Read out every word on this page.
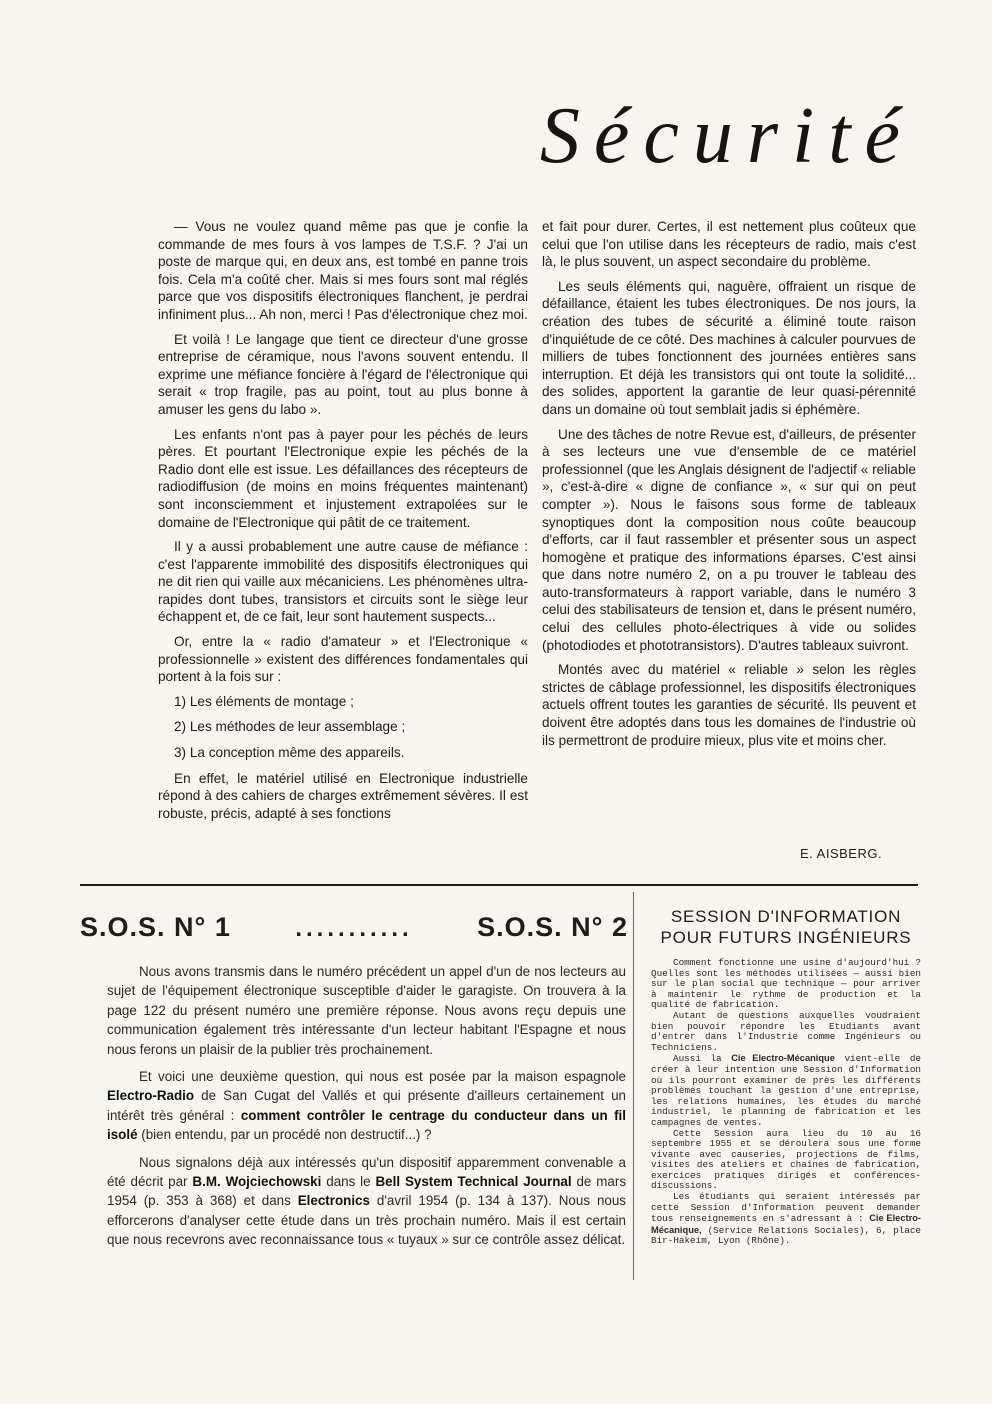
Sécurité

— Vous ne voulez quand même pas que je confie la commande de mes fours à vos lampes de T.S.F. ? J'ai un poste de marque qui, en deux ans, est tombé en panne trois fois. Cela m'a coûté cher. Mais si mes fours sont mal réglés parce que vos dispositifs électroniques flanchent, je perdrai infiniment plus... Ah non, merci ! Pas d'électronique chez moi.

Et voilà ! Le langage que tient ce directeur d'une grosse entreprise de céramique, nous l'avons souvent entendu. Il exprime une méfiance foncière à l'égard de l'électronique qui serait « trop fragile, pas au point, tout au plus bonne à amuser les gens du labo ».

Les enfants n'ont pas à payer pour les péchés de leurs pères. Et pourtant l'Electronique expie les péchés de la Radio dont elle est issue. Les défaillances des récepteurs de radiodiffusion (de moins en moins fréquentes maintenant) sont inconsciemment et injustement extrapolées sur le domaine de l'Electronique qui pâtit de ce traitement.

Il y a aussi probablement une autre cause de méfiance : c'est l'apparente immobilité des dispositifs électroniques qui ne dit rien qui vaille aux mécaniciens. Les phénomènes ultra-rapides dont tubes, transistors et circuits sont le siège leur échappent et, de ce fait, leur sont hautement suspects...

Or, entre la « radio d'amateur » et l'Electronique « professionnelle » existent des différences fondamentales qui portent à la fois sur :

1) Les éléments de montage ;
2) Les méthodes de leur assemblage ;
3) La conception même des appareils.

En effet, le matériel utilisé en Electronique industrielle répond à des cahiers de charges extrêmement sévères. Il est robuste, précis, adapté à ses fonctions

et fait pour durer. Certes, il est nettement plus coûteux que celui que l'on utilise dans les récepteurs de radio, mais c'est là, le plus souvent, un aspect secondaire du problème.

Les seuls éléments qui, naguère, offraient un risque de défaillance, étaient les tubes électroniques. De nos jours, la création des tubes de sécurité a éliminé toute raison d'inquiétude de ce côté. Des machines à calculer pourvues de milliers de tubes fonctionnent des journées entières sans interruption. Et déjà les transistors qui ont toute la solidité... des solides, apportent la garantie de leur quasi-pérennité dans un domaine où tout semblait jadis si éphémère.

Une des tâches de notre Revue est, d'ailleurs, de présenter à ses lecteurs une vue d'ensemble de ce matériel professionnel (que les Anglais désignent de l'adjectif « reliable », c'est-à-dire « digne de confiance », « sur qui on peut compter »). Nous le faisons sous forme de tableaux synoptiques dont la composition nous coûte beaucoup d'efforts, car il faut rassembler et présenter sous un aspect homogène et pratique des informations éparses. C'est ainsi que dans notre numéro 2, on a pu trouver le tableau des auto-transformateurs à rapport variable, dans le numéro 3 celui des stabilisateurs de tension et, dans le présent numéro, celui des cellules photo-électriques à vide ou solides (photodiodes et phototransistors). D'autres tableaux suivront.

Montés avec du matériel « reliable » selon les règles strictes de câblage professionnel, les dispositifs électroniques actuels offrent toutes les garanties de sécurité. Ils peuvent et doivent être adoptés dans tous les domaines de l'industrie où ils permettront de produire mieux, plus vite et moins cher.

E. AISBERG.
S.O.S. N° 1	...........	S.O.S. N° 2

Nous avons transmis dans le numéro précédent un appel d'un de nos lecteurs au sujet de l'équipement électronique susceptible d'aider le garagiste. On trouvera à la page 122 du présent numéro une première réponse. Nous avons reçu depuis une communication également très intéressante d'un lecteur habitant l'Espagne et nous nous ferons un plaisir de la publier très prochainement.

Et voici une deuxième question, qui nous est posée par la maison espagnole Electro-Radio de San Cugat del Vallés et qui présente d'ailleurs certainement un intérêt très général : comment contrôler le centrage du conducteur dans un fil isolé (bien entendu, par un procédé non destructif...) ?

Nous signalons déjà aux intéressés qu'un dispositif apparemment convenable a été décrit par B.M. Wojciechowski dans le Bell System Technical Journal de mars 1954 (p. 353 à 368) et dans Electronics d'avril 1954 (p. 134 à 137). Nous nous efforcerons d'analyser cette étude dans un très prochain numéro. Mais il est certain que nous recevrons avec reconnaissance tous « tuyaux » sur ce contrôle assez délicat.

SESSION D'INFORMATION
POUR FUTURS INGÉNIEURS

Comment fonctionne une usine d'aujourd'hui ? Quelles sont les méthodes utilisées — aussi bien sur le plan social que technique — pour arriver à maintenir le rythme de production et la qualité de fabrication.

Autant de questions auxquelles voudraient bien pouvoir répondre les Etudiants avant d'entrer dans l'Industrie comme Ingénieurs ou Techniciens.

Aussi la Cie Electro-Mécanique vient-elle de créer à leur intention une Session d'Information où ils pourront examiner de près les différents problèmes touchant la gestion d'une entreprise, les relations humaines, les études du marché industriel, le planning de fabrication et les campagnes de ventes.

Cette Session aura lieu du 10 au 16 septembre 1955 et se déroulera sous une forme vivante avec causeries, projections de films, visites des ateliers et chaînes de fabrication, exercices pratiques dirigés et conférences-discussions.

Les étudiants qui seraient intéressés par cette Session d'Information peuvent demander tous renseignements en s'adressant à : Cie Electro-Mécanique, (Service Relations Sociales), 6, place Bir-Hakeim, Lyon (Rhône).
